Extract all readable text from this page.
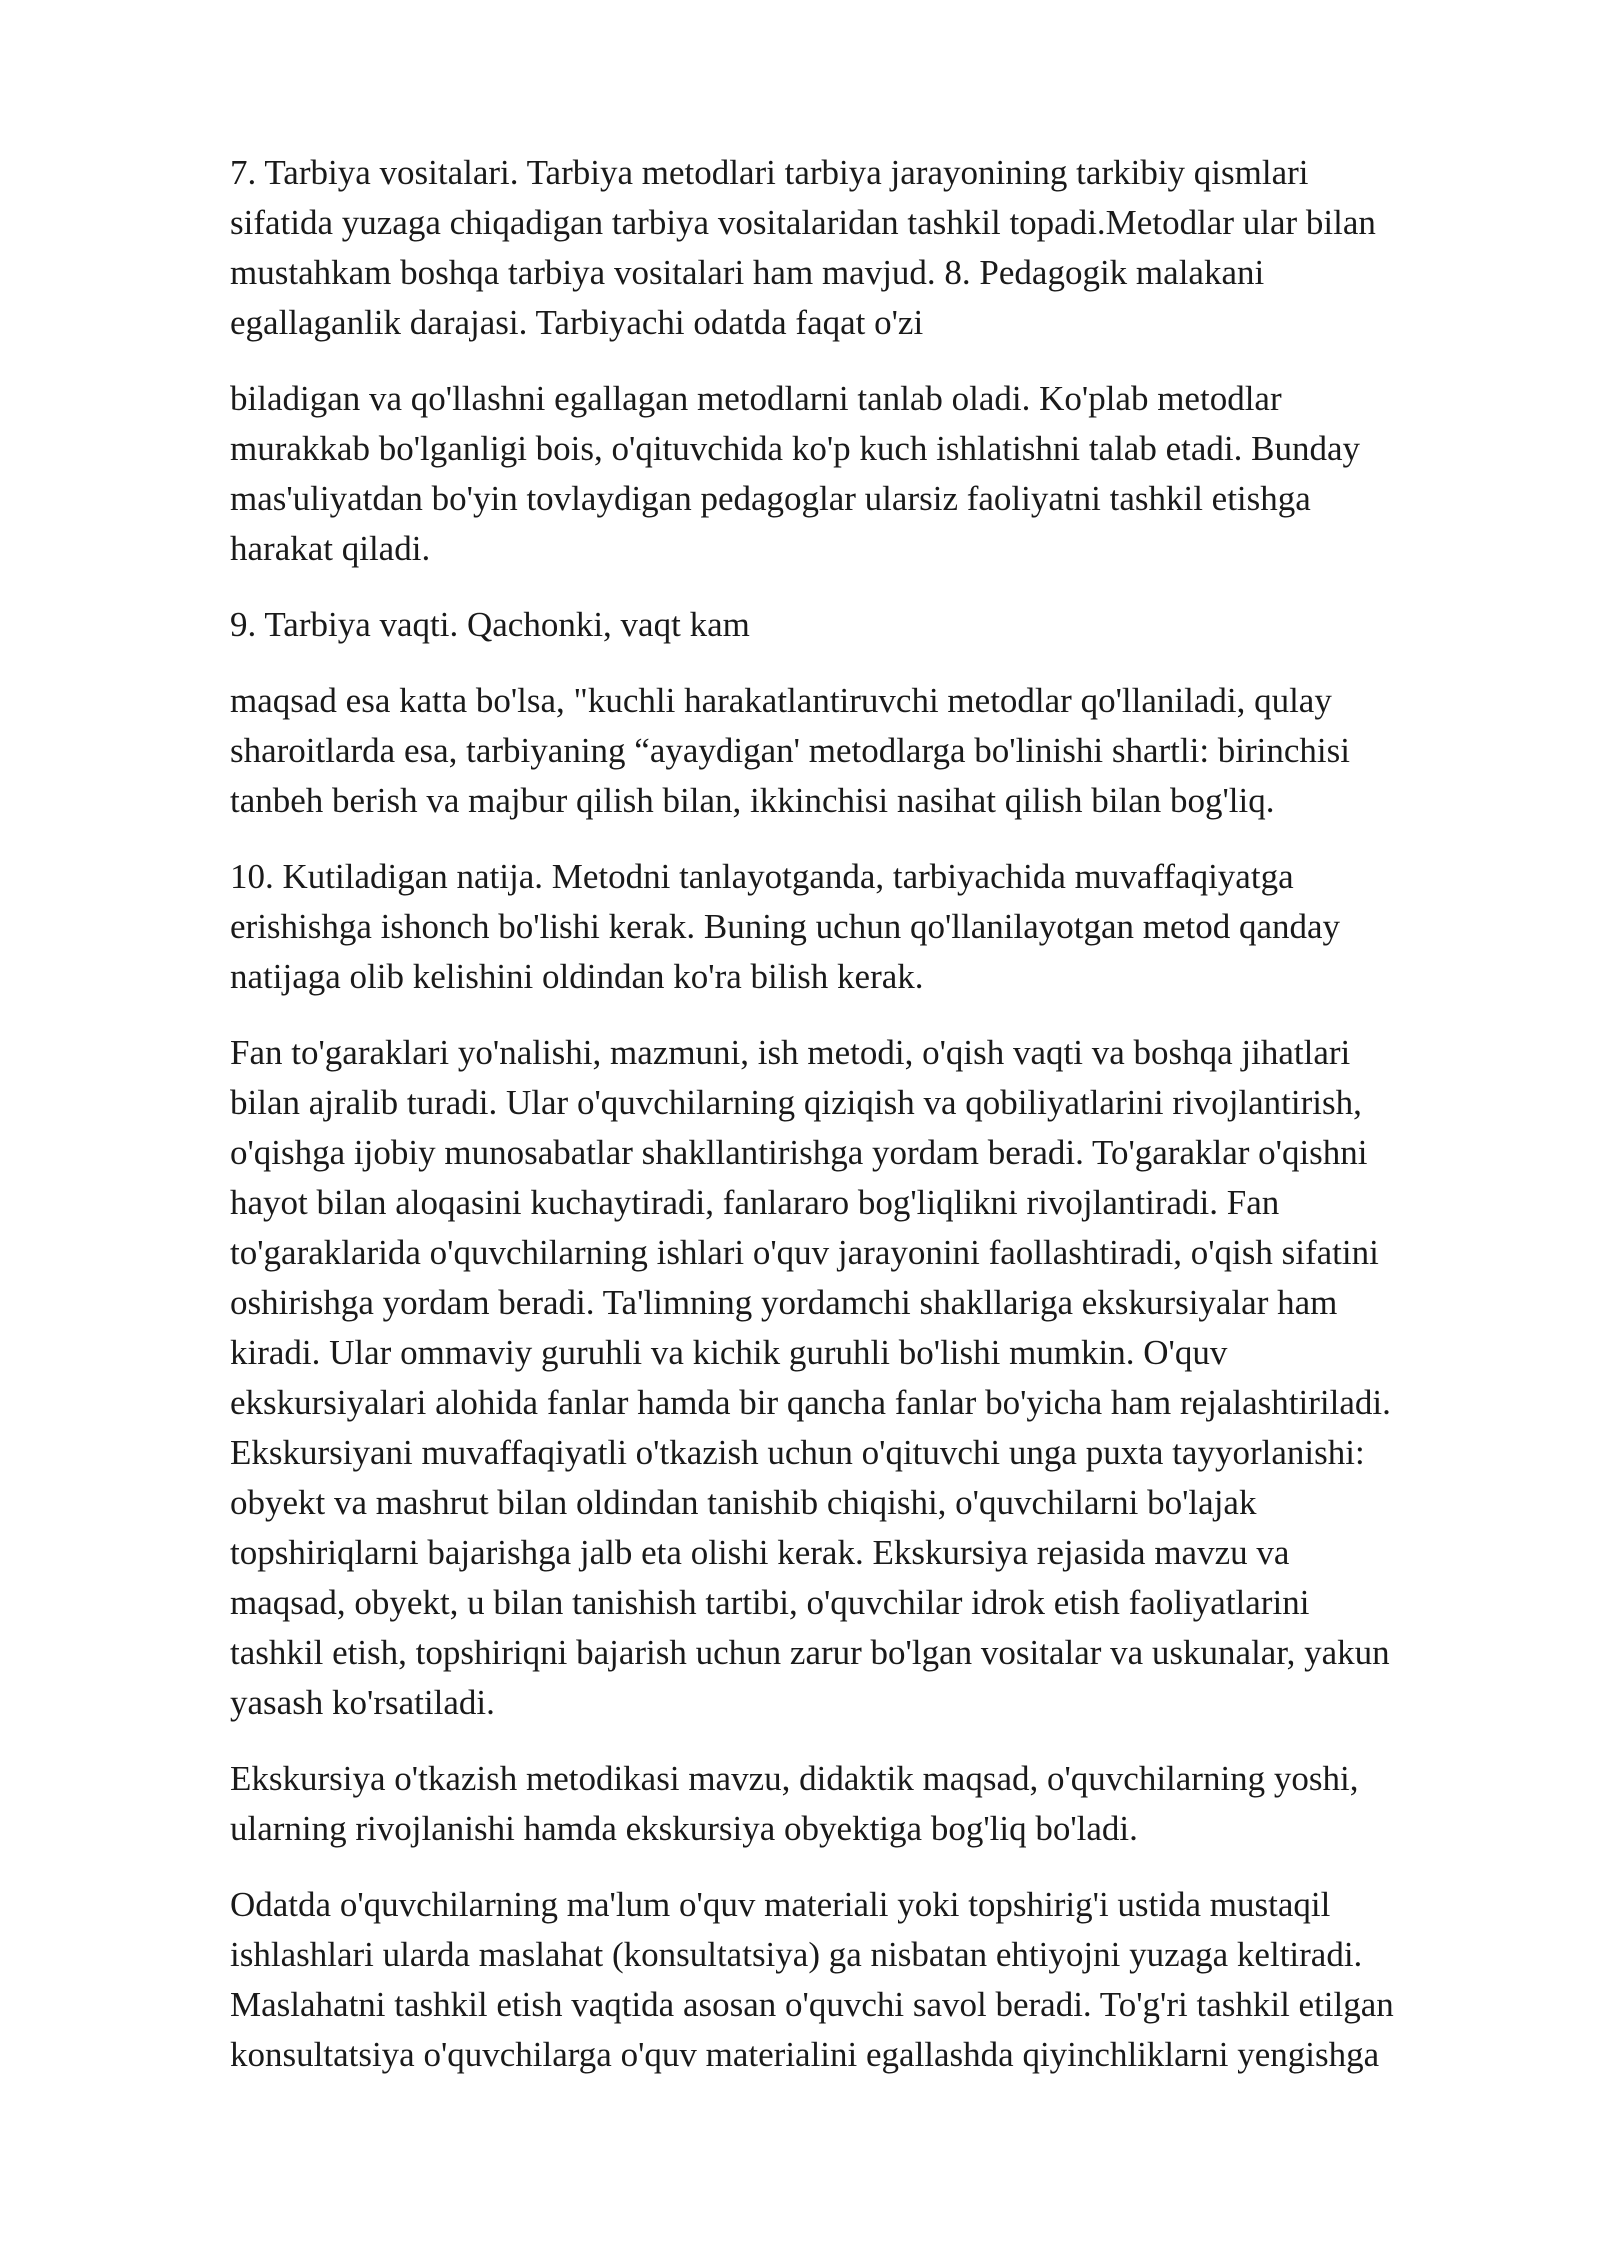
7. Tarbiya vositalari. Tarbiya metodlari tarbiya jarayonining tarkibiy qismlari
sifatida yuzaga chiqadigan tarbiya vositalaridan tashkil topadi.Metodlar ular bilan
mustahkam boshqa tarbiya vositalari ham mavjud. 8. Pedagogik malakani
egallaganlik darajasi. Tarbiyachi odatda faqat o'zi

biladigan va qo'llashni egallagan metodlarni tanlab oladi. Ko'plab metodlar
murakkab bo'lganligi bois, o'qituvchida ko'p kuch ishlatishni talab etadi. Bunday
mas'uliyatdan bo'yin tovlaydigan pedagoglar ularsiz faoliyatni tashkil etishga
harakat qiladi.

9. Tarbiya vaqti. Qachonki, vaqt kam

maqsad esa katta bo'lsa, "kuchli harakatlantiruvchi metodlar qo'llaniladi, qulay
sharoitlarda esa, tarbiyaning “ayaydigan' metodlarga bo'linishi shartli: birinchisi
tanbeh berish va majbur qilish bilan, ikkinchisi nasihat qilish bilan bog'liq.

10. Kutiladigan natija. Metodni tanlayotganda, tarbiyachida muvaffaqiyatga
erishishga ishonch bo'lishi kerak. Buning uchun qo'llanilayotgan metod qanday
natijaga olib kelishini oldindan ko'ra bilish kerak.

Fan to'garaklari yo'nalishi, mazmuni, ish metodi, o'qish vaqti va boshqa jihatlari
bilan ajralib turadi. Ular o'quvchilarning qiziqish va qobiliyatlarini rivojlantirish,
o'qishga ijobiy munosabatlar shakllantirishga yordam beradi. To'garaklar o'qishni
hayot bilan aloqasini kuchaytiradi, fanlararo bog'liqlikni rivojlantiradi. Fan
to'garaklarida o'quvchilarning ishlari o'quv jarayonini faollashtiradi, o'qish sifatini
oshirishga yordam beradi. Ta'limning yordamchi shakllariga ekskursiyalar ham
kiradi. Ular ommaviy guruhli va kichik guruhli bo'lishi mumkin. O'quv
ekskursiyalari alohida fanlar hamda bir qancha fanlar bo'yicha ham rejalashtiriladi.
Ekskursiyani muvaffaqiyatli o'tkazish uchun o'qituvchi unga puxta tayyorlanishi:
obyekt va mashrut bilan oldindan tanishib chiqishi, o'quvchilarni bo'lajak
topshiriqlarni bajarishga jalb eta olishi kerak. Ekskursiya rejasida mavzu va
maqsad, obyekt, u bilan tanishish tartibi, o'quvchilar idrok etish faoliyatlarini
tashkil etish, topshiriqni bajarish uchun zarur bo'lgan vositalar va uskunalar, yakun
yasash ko'rsatiladi.

Ekskursiya o'tkazish metodikasi mavzu, didaktik maqsad, o'quvchilarning yoshi,
ularning rivojlanishi hamda ekskursiya obyektiga bog'liq bo'ladi.

Odatda o'quvchilarning ma'lum o'quv materiali yoki topshirig'i ustida mustaqil
ishlashlari ularda maslahat (konsultatsiya) ga nisbatan ehtiyojni yuzaga keltiradi.
Maslahatni tashkil etish vaqtida asosan o'quvchi savol beradi. To'g'ri tashkil etilgan
konsultatsiya o'quvchilarga o'quv materialini egallashda qiyinchliklarni yengishga
